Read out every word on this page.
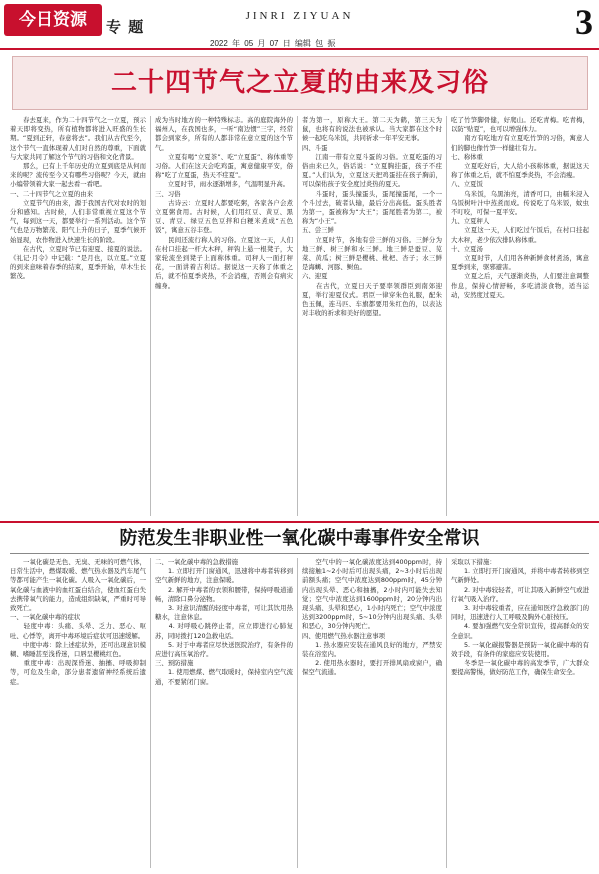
今日资源	专 题
JINRI ZIYUAN
2022 年 05 月 07 日 编辑 包 振
3
二十四节气之立夏的由来及习俗
　　春去夏来，作为二十四节气之一立夏，预示着天即将变热，所有植物都将进入旺盛的生长期。“夏到正轩，春意将去”。我们从古代至今，这个节气一直体现着人们对自然的尊重，下面就与大家共同了解这个节气的习俗和文化背景。
　　那么，已有上千年历史的立夏到底是从何而来的呢？流传至今又有哪些习俗呢？今天，就由小编带领着大家一起去看一看吧。
一、二十四节气之立夏的由来
　　立夏节气的由来，源于我国古代对农时的划分和感知。古时候，人们非常重视立夏这个节气，每到这一天，都要举行一系列活动。这个节气也是万物繁茂、阳气上升的日子，夏季气候开始显现，农作物进入快速生长的阶段。
　　在古代，立夏时节已有迎夏、接夏的说法。《礼记·月令》中记载：“是月也，以立夏。”立夏的到来意味着春季的结束，夏季开始，草木生长繁茂。
成为当时地方的一种特殊标志。高的庭院海外的福州人，在我国也多，一听“南边惯”三字，经常都会到家乡，所有的人都非常在意立夏的这个节气。
　　立夏有喝“立夏茶”、吃“立夏蛋”、称体重等习俗。人们在这天会吃鸡蛋，寓意健康平安，俗称“吃了立夏蛋，热天不疰夏”。
　　立夏时节，雨水逐渐增多，气温明显升高。
三、习俗
　　古诗云：立夏时人都要吃粥，各家各户会煮立夏粥食用。古时候，人们用红豆、黄豆、黑豆、青豆、绿豆五色豆拌和白粳米煮成“五色饭”，寓意五谷丰登。
　　民间还流行称人的习俗。立夏这一天，人们在村口挂起一杆大木秤，秤钩上悬一根凳子，大家轮流坐到凳子上面称体重。司秤人一面打秤花，一面讲着吉利话。据说这一天称了体重之后，就不怕夏季炎热，不会消瘦，否则会有病灾缠身。
者为第一，原称大王。第二天为鹤，第三天为鼠，也将有的说法也被承认。当大家都在这个时候一起吃乌米饭，共同祈求一年平安无事。
四、斗蛋
　　江南一带有立夏斗蛋的习俗。立夏吃蛋的习俗由来已久，俗话说：“立夏胸挂蛋，孩子不疰夏。”人们认为，立夏这天把鸡蛋挂在孩子胸前，可以保佑孩子安全度过炎热的夏天。
　　斗蛋时，蛋头撞蛋头，蛋尾撞蛋尾，一个一个斗过去，破者认输，最后分出高低。蛋头胜者为第一，蛋被称为“大王”；蛋尾胜者为第二，被称为“小王”。
五、尝三鲜
　　立夏时节，各地有尝三鲜的习俗。三鲜分为地三鲜、树三鲜和水三鲜。地三鲜是蚕豆、苋菜、黄瓜；树三鲜是樱桃、枇杷、杏子；水三鲜是海蛳、河豚、鲥鱼。
六、迎夏
　　在古代，立夏日天子要率领群臣到南郊迎夏，举行迎夏仪式。君臣一律穿朱色礼服，配朱色玉佩，连马匹、车旗都要用朱红色的，以表达对丰收的祈求和美好的愿望。
吃了竹笋脚骨健，好爬山。还吃青梅。吃青梅，以防“贴夏”，也可以增强体力。
　　南方有吃地方有立夏吃竹笋的习俗，寓意人们的脚也像竹笋一样健壮有力。
七、称体重
　　立夏吃好后，大人给小孩称体重，据说这天称了体重之后，就不怕夏季炎热，不会消瘦。
八、立夏饭
　　乌米饭，乌黑油亮，清香可口，由糯米浸入乌饭树叶汁中蒸煮而成。传说吃了乌米饭，蚊虫不叮咬，可保一夏平安。
九、立夏秤人
　　立夏这一天，人们吃过午饭后，在村口挂起大木秤，老少依次排队称体重。
十、立夏汤
　　立夏时节，人们用各种新鲜食材煮汤，寓意夏季到来，驱邪避害。
　　立夏之后，天气逐渐炎热，人们要注意调整作息，保持心情舒畅，多吃清淡食物，适当运动，安然度过夏天。
防范发生非职业性一氧化碳中毒事件安全常识
　　一氧化碳是无色、无臭、无味的可燃气体，日常生活中，燃煤取暖、燃气热水器及汽车尾气等都可能产生一氧化碳。人吸入一氧化碳后，一氧化碳与血液中的血红蛋白结合，使血红蛋白失去携带氧气的能力，造成组织缺氧，严重时可导致死亡。
一、一氧化碳中毒的症状
　　轻度中毒：头痛、头晕、乏力、恶心、呕吐、心悸等，离开中毒环境后症状可迅速缓解。
　　中度中毒：除上述症状外，还可出现意识模糊、嗜睡甚至浅昏迷，口唇呈樱桃红色。
　　重度中毒：出现深昏迷、抽搐、呼吸抑制等，可危及生命，部分患者遗留神经系统后遗症。
二、一氧化碳中毒的急救措施
　　1. 立即打开门窗通风，迅速将中毒者转移到空气新鲜的地方，注意保暖。
　　2. 解开中毒者的衣领和腰带，保持呼吸道通畅，清除口鼻分泌物。
　　3. 对意识清醒的轻度中毒者，可让其饮用热糖水，注意休息。
　　4. 对呼吸心跳停止者，应立即进行心肺复苏，同时拨打120急救电话。
　　5. 对于中毒者应尽快送医院治疗，有条件的应进行高压氧治疗。
三、预防措施
　　1. 使用燃煤、燃气取暖时，保持室内空气流通，不要紧闭门窗。
　　空气中的一氧化碳浓度达到400ppm时，持续接触1~2小时后可出现头痛，2~3小时后出现前额头痛；空气中浓度达到800ppm时，45分钟内出现头晕、恶心和抽搐，2小时内可能失去知觉；空气中浓度达到1600ppm时，20分钟内出现头痛、头晕和恶心，1小时内死亡；空气中浓度达到3200ppm时，5~10分钟内出现头痛、头晕和恶心，30分钟内死亡。
四、使用燃气热水器注意事项
　　1. 热水器应安装在通风良好的地方，严禁安装在浴室内。
　　2. 使用热水器时，要打开排风扇或窗户，确保空气流通。
采取以下措施：
　　1. 立即打开门窗通风，并将中毒者转移到空气新鲜处。
　　2. 对中毒较轻者，可让其吸入新鲜空气或进行氧气吸入治疗。
　　3. 对中毒较重者，应在通知医疗急救部门的同时，迅速进行人工呼吸及胸外心脏按压。
　　4. 要加强燃气安全常识宣传，提高群众的安全意识。
　　5. 一氧化碳报警器是预防一氧化碳中毒的有效手段，有条件的家庭应安装使用。
　　冬季是一氧化碳中毒的高发季节，广大群众要提高警惕，做好防范工作，确保生命安全。
